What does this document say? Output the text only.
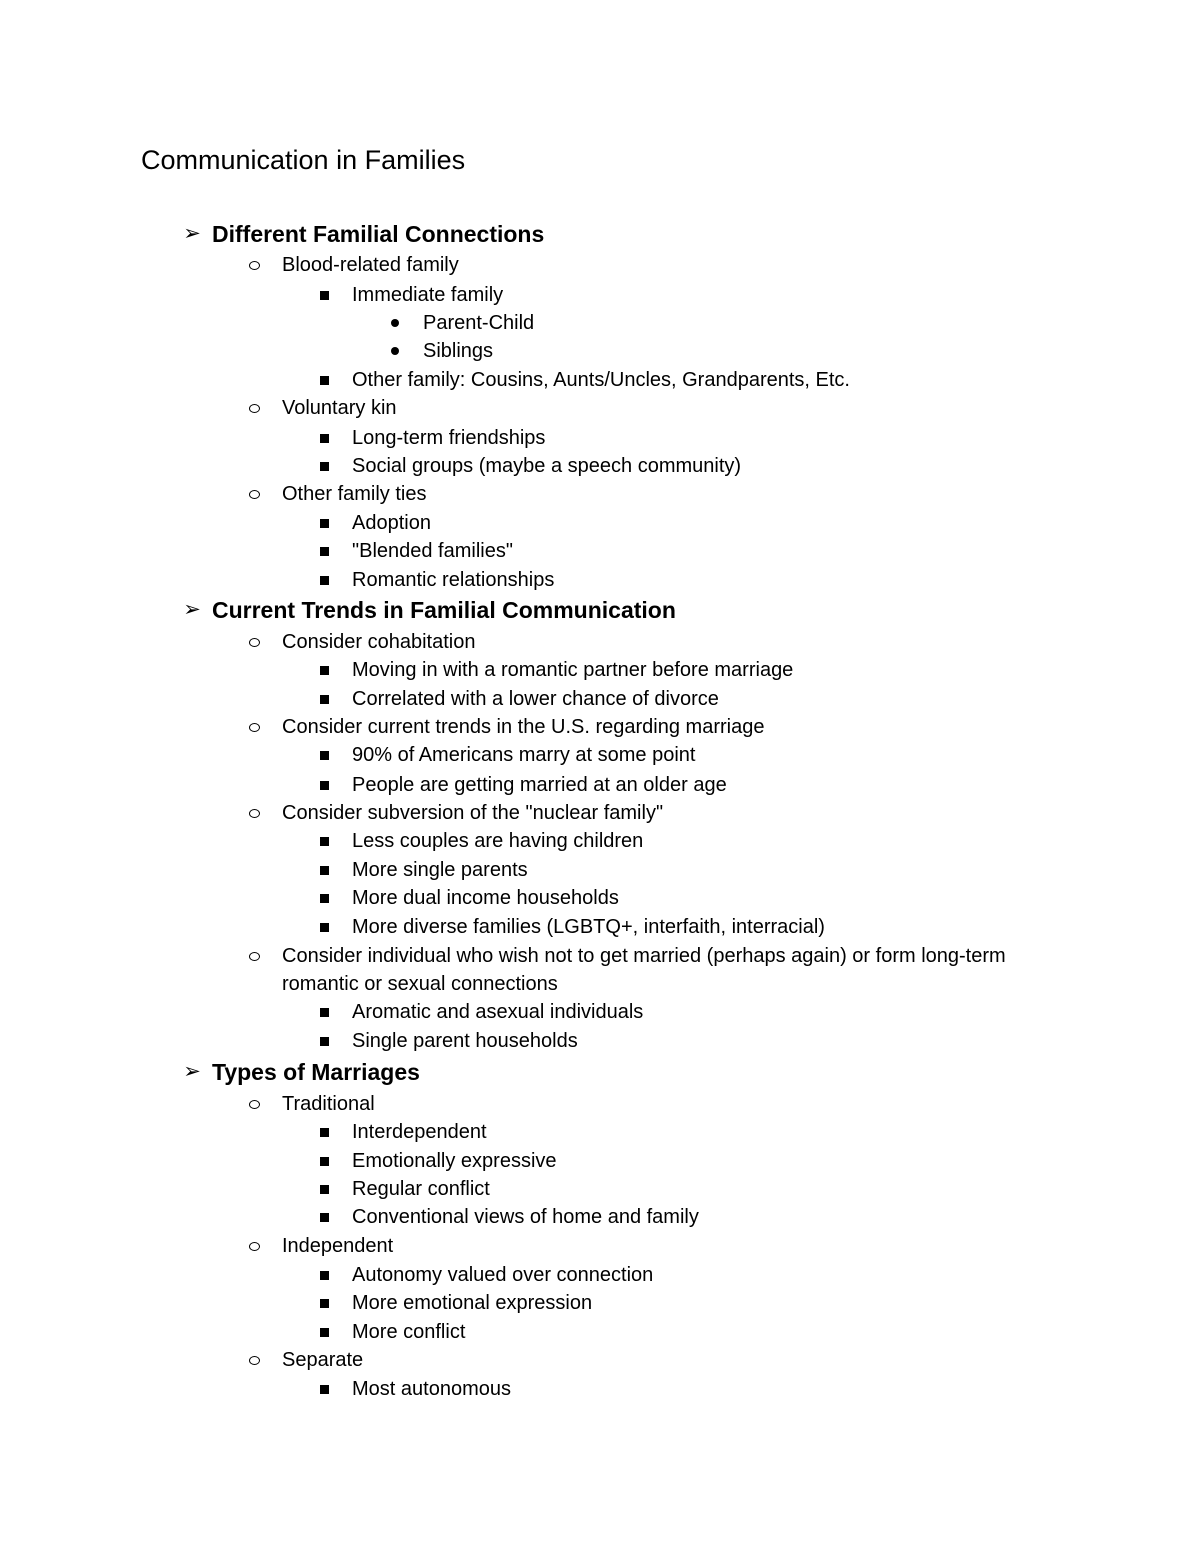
Communication in Families
➢ Different Familial Connections
Blood-related family
Immediate family
Parent-Child
Siblings
Other family: Cousins, Aunts/Uncles, Grandparents, Etc.
Voluntary kin
Long-term friendships
Social groups (maybe a speech community)
Other family ties
Adoption
"Blended families"
Romantic relationships
➢ Current Trends in Familial Communication
Consider cohabitation
Moving in with a romantic partner before marriage
Correlated with a lower chance of divorce
Consider current trends in the U.S. regarding marriage
90% of Americans marry at some point
People are getting married at an older age
Consider subversion of the "nuclear family"
Less couples are having children
More single parents
More dual income households
More diverse families (LGBTQ+, interfaith, interracial)
Consider individual who wish not to get married (perhaps again) or form long-term romantic or sexual connections
Aromatic and asexual individuals
Single parent households
➢ Types of Marriages
Traditional
Interdependent
Emotionally expressive
Regular conflict
Conventional views of home and family
Independent
Autonomy valued over connection
More emotional expression
More conflict
Separate
Most autonomous
